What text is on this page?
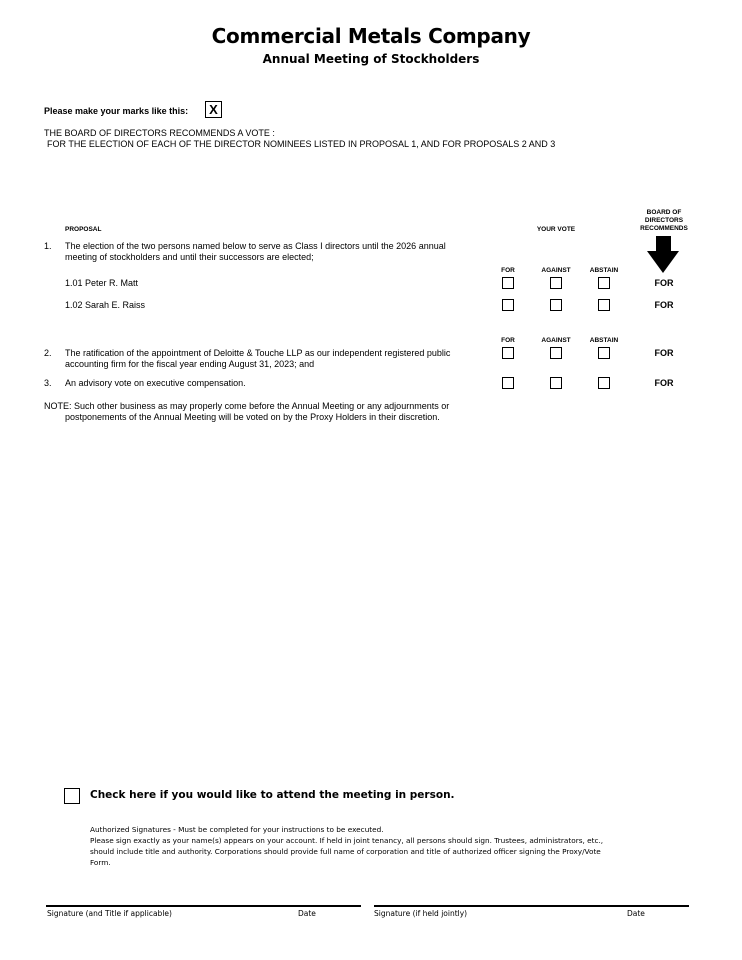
Commercial Metals Company
Annual Meeting of Stockholders
Please make your marks like this:	X
THE BOARD OF DIRECTORS RECOMMENDS A VOTE :
FOR THE ELECTION OF EACH OF THE DIRECTOR NOMINEES LISTED IN PROPOSAL 1, AND FOR PROPOSALS 2 AND 3
PROPOSAL	YOUR VOTE
BOARD OF
DIRECTORS
RECOMMENDS
1. The election of the two persons named below to serve as Class I directors until the 2026 annual
meeting of stockholders and until their successors are elected;
FOR	AGAINST	ABSTAIN
1.01 Peter R. Matt	FOR
1.02 Sarah E. Raiss	FOR
FOR	AGAINST	ABSTAIN
2. The ratification of the appointment of Deloitte & Touche LLP as our independent registered public
accounting firm for the fiscal year ending August 31, 2023; and
FOR
3. An advisory vote on executive compensation.	FOR
NOTE: Such other business as may properly come before the Annual Meeting or any adjournments or
postponements of the Annual Meeting will be voted on by the Proxy Holders in their discretion.
Check here if you would like to attend the meeting in person.
Authorized Signatures - Must be completed for your instructions to be executed.
Please sign exactly as your name(s) appears on your account. If held in joint tenancy, all persons should sign. Trustees, administrators, etc.,
should include title and authority. Corporations should provide full name of corporation and title of authorized officer signing the Proxy/Vote
Form.
Signature (and Title if applicable)	Date	Signature (if held jointly)	Date
